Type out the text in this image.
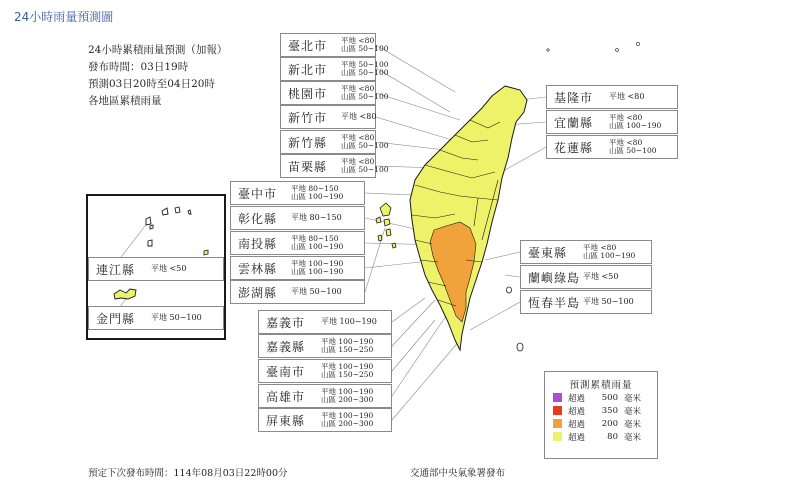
24小時雨量預測圖
24小時累積雨量預測（加報）
發布時間：03日19時
預測03日20時至04日20時
各地區累積雨量
臺北市 平地 <80
山區 50~100
新北市 平地 50~100
山區 50~100
桃園市 平地 <80
山區 50~100
新竹市 平地 <80
新竹縣 平地 <80
山區 50~100
苗栗縣 平地 <80
山區 50~100
臺中市 平地 80~150
山區 100~190
彰化縣 平地 80~150
南投縣 平地 80~150
山區 100~190
雲林縣 平地 100~190
山區 100~190
澎湖縣 平地 50~100
嘉義市 平地 100~190
嘉義縣 平地 100~190
山區 150~250
臺南市 平地 100~190
山區 150~250
高雄市 平地 100~190
山區 200~300
屏東縣 平地 100~190
山區 200~300
基隆市 平地 <80
宜蘭縣 平地 <80
山區 100~190
花蓮縣 平地 <80
山區 50~100
臺東縣 平地 <80
山區 100~190
蘭嶼綠島 平地 <50
恆春半島 平地 50~100
連江縣 平地 <50
金門縣 平地 50~100
預測累積雨量
超過	500 毫米
超過	350 毫米
超過	200 毫米
超過	80 毫米
預定下次發布時間：114年08月03日22時00分	交通部中央氣象署發布
